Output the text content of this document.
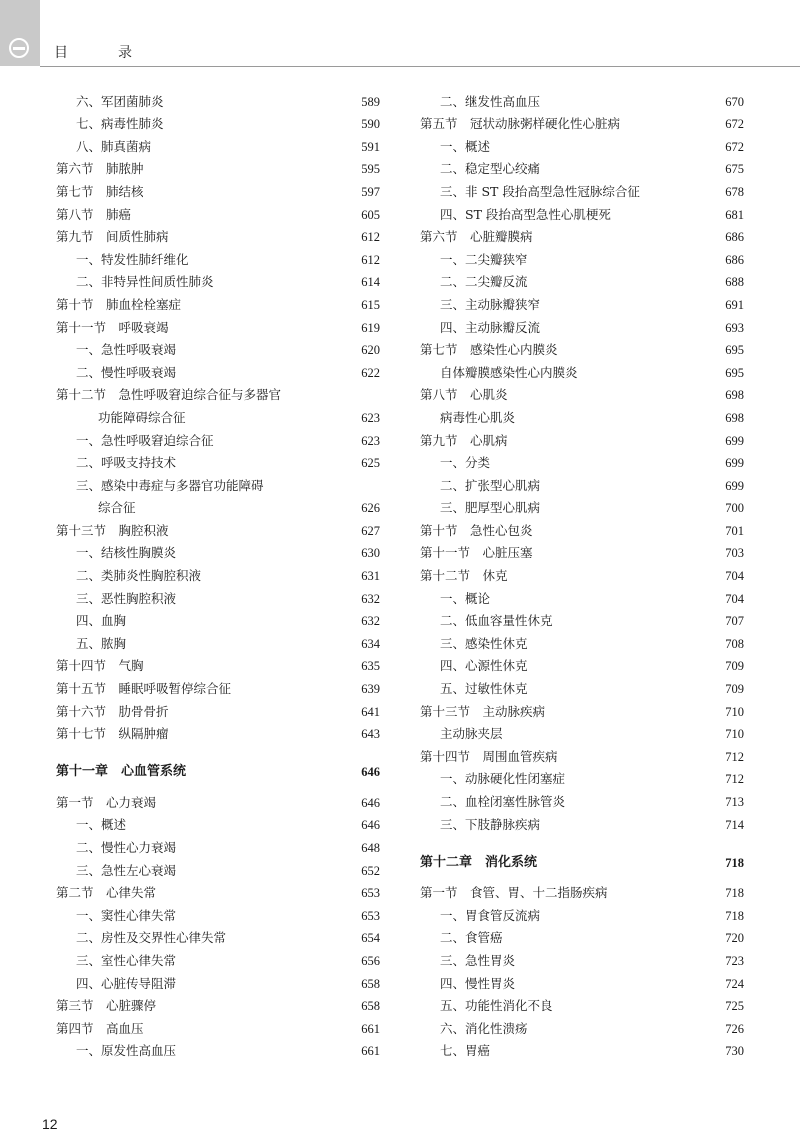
目　录
六、军团菌肺炎	589
七、病毒性肺炎	590
八、肺真菌病	591
第六节　肺脓肿	595
第七节　肺结核	597
第八节　肺癌	605
第九节　间质性肺病	612
一、特发性肺纤维化	612
二、非特异性间质性肺炎	614
第十节　肺血栓栓塞症	615
第十一节　呼吸衰竭	619
一、急性呼吸衰竭	620
二、慢性呼吸衰竭	622
第十二节　急性呼吸窘迫综合征与多器官
功能障碍综合征	623
一、急性呼吸窘迫综合征	623
二、呼吸支持技术	625
三、感染中毒症与多器官功能障碍
综合征	626
第十三节　胸腔积液	627
一、结核性胸膜炎	630
二、类肺炎性胸腔积液	631
三、恶性胸腔积液	632
四、血胸	632
五、脓胸	634
第十四节　气胸	635
第十五节　睡眠呼吸暂停综合征	639
第十六节　肋骨骨折	641
第十七节　纵隔肿瘤	643
第十一章　心血管系统	646
第一节　心力衰竭	646
一、概述	646
二、慢性心力衰竭	648
三、急性左心衰竭	652
第二节　心律失常	653
一、窦性心律失常	653
二、房性及交界性心律失常	654
三、室性心律失常	656
四、心脏传导阻滞	658
第三节　心脏骤停	658
第四节　高血压	661
一、原发性高血压	661
二、继发性高血压	670
第五节　冠状动脉粥样硬化性心脏病	672
一、概述	672
二、稳定型心绞痛	675
三、非 ST 段抬高型急性冠脉综合征	678
四、ST 段抬高型急性心肌梗死	681
第六节　心脏瓣膜病	686
一、二尖瓣狭窄	686
二、二尖瓣反流	688
三、主动脉瓣狭窄	691
四、主动脉瓣反流	693
第七节　感染性心内膜炎	695
自体瓣膜感染性心内膜炎	695
第八节　心肌炎	698
病毒性心肌炎	698
第九节　心肌病	699
一、分类	699
二、扩张型心肌病	699
三、肥厚型心肌病	700
第十节　急性心包炎	701
第十一节　心脏压塞	703
第十二节　休克	704
一、概论	704
二、低血容量性休克	707
三、感染性休克	708
四、心源性休克	709
五、过敏性休克	709
第十三节　主动脉疾病	710
主动脉夹层	710
第十四节　周围血管疾病	712
一、动脉硬化性闭塞症	712
二、血栓闭塞性脉管炎	713
三、下肢静脉疾病	714
第十二章　消化系统	718
第一节　食管、胃、十二指肠疾病	718
一、胃食管反流病	718
二、食管癌	720
三、急性胃炎	723
四、慢性胃炎	724
五、功能性消化不良	725
六、消化性溃疡	726
七、胃癌	730
12
